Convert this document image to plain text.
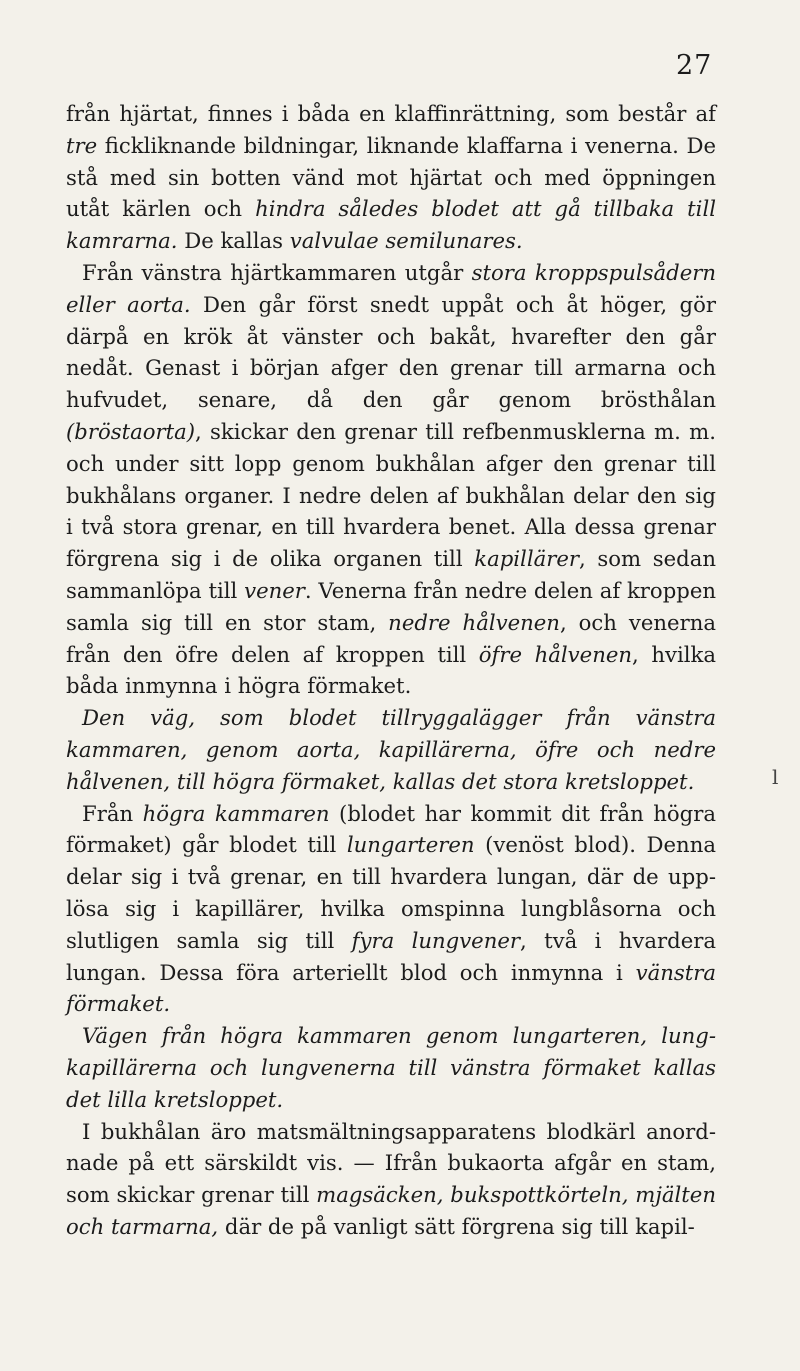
27

från hjärtat, finnes i båda en klaffinrättning, som består af tre fickliknande bildningar, liknande klaffarna i venerna. De stå med sin botten vänd mot hjärtat och med öppningen utåt kärlen och hindra således blodet att gå tillbaka till kamrarna. De kallas valvulae semilunares.

Från vänstra hjärtkammaren utgår stora kroppspulsådern eller aorta. Den går först snedt uppåt och åt höger, gör därpå en krök åt vänster och bakåt, hvarefter den går nedåt. Genast i början afger den grenar till armarna och hufvudet, senare, då den går genom brösthålan (bröstaorta), skickar den grenar till refbenmusklerna m. m. och under sitt lopp genom bukhålan afger den grenar till bukhålans organer. I nedre delen af bukhålan delar den sig i två stora grenar, en till hvardera benet. Alla dessa grenar förgrena sig i de olika organen till kapillärer, som sedan sammanlöpa till vener. Venerna från nedre delen af kroppen samla sig till en stor stam, nedre hålvenen, och venerna från den öfre delen af kroppen till öfre hålvenen, hvilka båda inmynna i högra förmaket.

Den väg, som blodet tillryggalägger från vänstra kammaren, genom aorta, kapillärerna, öfre och nedre hålvenen, till högra förmaket, kallas det stora kretsloppet.

Från högra kammaren (blodet har kommit dit från högra förmaket) går blodet till lungarteren (venöst blod). Denna delar sig i två grenar, en till hvardera lungan, där de upplösa sig i kapillärer, hvilka omspinna lungblåsorna och slutligen samla sig till fyra lungvener, två i hvardera lungan. Dessa föra arteriellt blod och inmynna i vänstra förmaket.

Vägen från högra kammaren genom lungarteren, lungkapillärerna och lungvenerna till vänstra förmaket kallas det lilla kretsloppet.

I bukhålan äro matsmältningsapparatens blodkärl anordnade på ett särskildt vis. — Ifrån bukaorta afgår en stam, som skickar grenar till magsäcken, bukspottkörteln, mjälten och tarmarna, där de på vanligt sätt förgrena sig till kapil-

l
